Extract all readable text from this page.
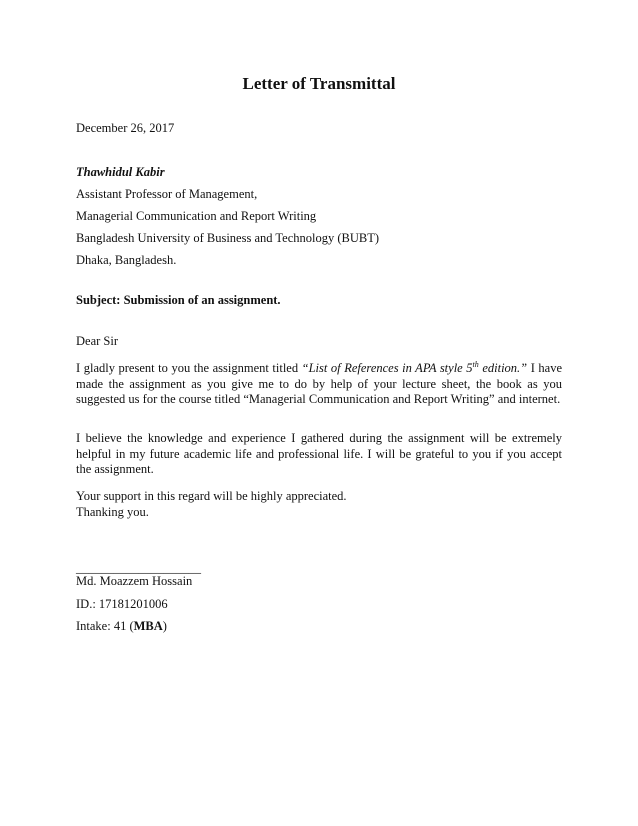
Letter of Transmittal

December 26, 2017

Thawhidul Kabir

Assistant Professor of Management,

Managerial Communication and Report Writing

Bangladesh University of Business and Technology (BUBT)

Dhaka, Bangladesh.

Subject: Submission of an assignment.

Dear Sir

I gladly present to you the assignment titled “List of References in APA style 5th edition.” I have made the assignment as you give me to do by help of your lecture sheet, the book as you suggested us for the course titled “Managerial Communication and Report Writing” and internet.

I believe the knowledge and experience I gathered during the assignment will be extremely helpful in my future academic life and professional life. I will be grateful to you if you accept the assignment.

Your support in this regard will be highly appreciated.

Thanking you.

____________________

Md. Moazzem Hossain

ID.: 17181201006

Intake: 41 (MBA)
